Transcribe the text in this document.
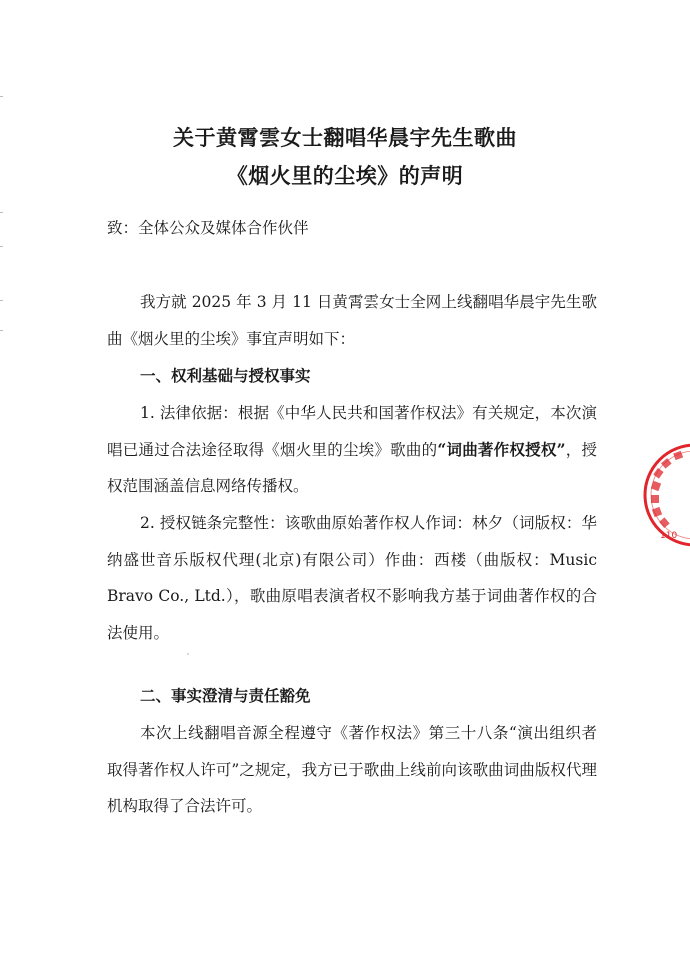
关于黄霄雲女士翻唱华晨宇先生歌曲
《烟火里的尘埃》的声明

致：全体公众及媒体合作伙伴

我方就 2025 年 3 月 11 日黄霄雲女士全网上线翻唱华晨宇先生歌曲《烟火里的尘埃》事宜声明如下：

一、权利基础与授权事实

1. 法律依据：根据《中华人民共和国著作权法》有关规定，本次演唱已通过合法途径取得《烟火里的尘埃》歌曲的“词曲著作权授权”，授权范围涵盖信息网络传播权。

2. 授权链条完整性：该歌曲原始著作权人作词：林夕（词版权：华纳盛世音乐版权代理(北京)有限公司）作曲：西楼（曲版权：Music Bravo Co., Ltd.），歌曲原唱表演者权不影响我方基于词曲著作权的合法使用。

二、事实澄清与责任豁免

本次上线翻唱音源全程遵守《著作权法》第三十八条“演出组织者取得著作权人许可”之规定，我方已于歌曲上线前向该歌曲词曲版权代理机构取得了合法许可。

110
